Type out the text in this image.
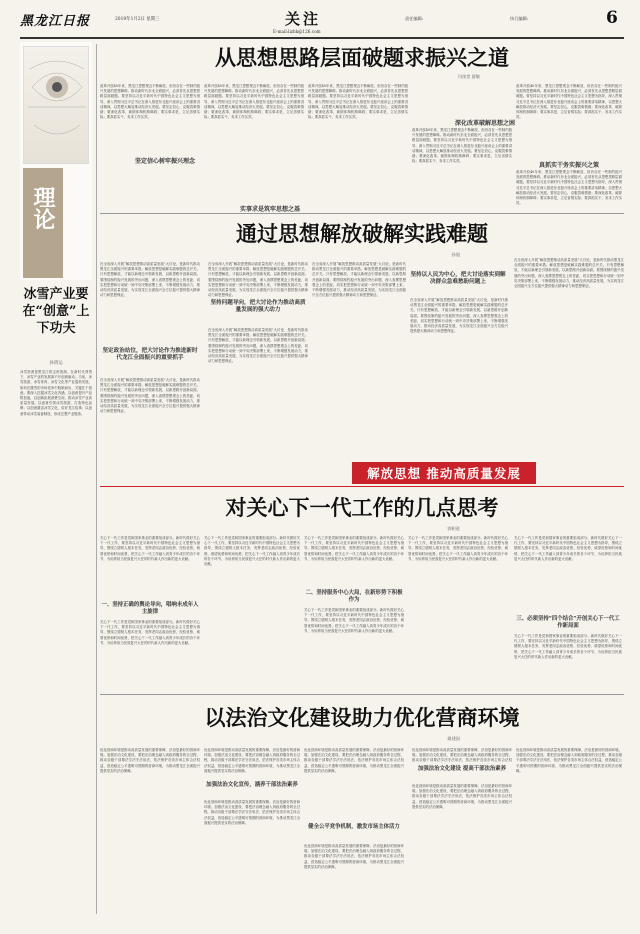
黑龙江日报	2019年1月2日 星期三	关注
E-mail:lizhk@126.com
责任编辑:	执行编辑:	6
理论
冰雪产业要在“创意”上下功夫
孙鸿运
冰雪资源是黑龙江的宝贵资源。在新时代背景下，冰雪产业的发展离不开创意驱动。当前，冰雪旅游、冰雪体育、冰雪文化等产业蓬勃发展，如何在激烈的市场竞争中脱颖而出，关键在于创意。要深入挖掘冰雪文化内涵，以创意提升产品附加值，以创新拓展消费空间，推动冰雪产业高质量发展。以创意引领冰雪旅游，打造特色品牌；以创意激活冰雪文化，讲好龙江故事；以创意带动冰雪装备制造，形成完整产业链条。
从思想思路层面破题求振兴之道
闫茂堂 薛敏
坚定信心树牢振兴理念
深化改革破解思想之困
实事求是筑牢思想之基
真抓实干务实振兴之策
改革开放40年来，黑龙江思想观念不断解放，但仍存在一些制约振兴发展的思想障碍。推动新时代东北全面振兴，必须首先从思想思路层面破题。要坚持以习近平新时代中国特色社会主义思想为指导，深入贯彻习近平总书记在深入推进东北振兴座谈会上的重要讲话精神，以思想大解放推动经济大发展。要坚定信心，克服畏难情绪；要深化改革，破除体制机制障碍；要实事求是，立足省情实际；要真抓实干，务求工作实效。
改革开放40年来，黑龙江思想观念不断解放，但仍存在一些制约振兴发展的思想障碍。推动新时代东北全面振兴，必须首先从思想思路层面破题。要坚持以习近平新时代中国特色社会主义思想为指导，深入贯彻习近平总书记在深入推进东北振兴座谈会上的重要讲话精神，以思想大解放推动经济大发展。要坚定信心，克服畏难情绪；要深化改革，破除体制机制障碍；要实事求是，立足省情实际；要真抓实干，务求工作实效。
改革开放40年来，黑龙江思想观念不断解放，但仍存在一些制约振兴发展的思想障碍。推动新时代东北全面振兴，必须首先从思想思路层面破题。要坚持以习近平新时代中国特色社会主义思想为指导，深入贯彻习近平总书记在深入推进东北振兴座谈会上的重要讲话精神，以思想大解放推动经济大发展。要坚定信心，克服畏难情绪；要深化改革，破除体制机制障碍；要实事求是，立足省情实际；要真抓实干，务求工作实效。
改革开放40年来，黑龙江思想观念不断解放，但仍存在一些制约振兴发展的思想障碍。推动新时代东北全面振兴，必须首先从思想思路层面破题。要坚持以习近平新时代中国特色社会主义思想为指导，深入贯彻习近平总书记在深入推进东北振兴座谈会上的重要讲话精神，以思想大解放推动经济大发展。要坚定信心，克服畏难情绪；要深化改革，破除体制机制障碍；要实事求是，立足省情实际；要真抓实干，务求工作实效。
改革开放40年来，黑龙江思想观念不断解放，但仍存在一些制约振兴发展的思想障碍。推动新时代东北全面振兴，必须首先从思想思路层面破题。要坚持以习近平新时代中国特色社会主义思想为指导，深入贯彻习近平总书记在深入推进东北振兴座谈会上的重要讲话精神，以思想大解放推动经济大发展。要坚定信心，克服畏难情绪；要深化改革，破除体制机制障碍；要实事求是，立足省情实际；要真抓实干，务求工作实效。
改革开放40年来，黑龙江思想观念不断解放，但仍存在一些制约振兴发展的思想障碍。推动新时代东北全面振兴，必须首先从思想思路层面破题。要坚持以习近平新时代中国特色社会主义思想为指导，深入贯彻习近平总书记在深入推进东北振兴座谈会上的重要讲话精神，以思想大解放推动经济大发展。要坚定信心，克服畏难情绪；要深化改革，破除体制机制障碍；要实事求是，立足省情实际；要真抓实干，务求工作实效。
通过思想解放破解实践难题
孙旭
坚定政治站位，把大讨论作为推进新时代龙江全面振兴的重要抓手
坚持问题导向，把大讨论作为推动高质量发展的强大动力
坚持以人民为中心，把大讨论落实到解决群众急难愁盼问题上
在全省深入开展“解放思想推动高质量发展”大讨论，是新时代推动黑龙江全面振兴的重要举措。解放思想是破解实践难题的总开关。只有思想解放，才能以新理念引领新发展、以新思路开创新局面。要围绕制约振兴发展的突出问题，深入查摆思想观念上的差距，切实把思想和行动统一到中央决策部署上来，不断增强发展动力，推动经济高质量发展，为实现龙江全面振兴全方位振兴提供强大精神动力和思想保证。
在全省深入开展“解放思想推动高质量发展”大讨论，是新时代推动黑龙江全面振兴的重要举措。解放思想是破解实践难题的总开关。只有思想解放，才能以新理念引领新发展、以新思路开创新局面。要围绕制约振兴发展的突出问题，深入查摆思想观念上的差距，切实把思想和行动统一到中央决策部署上来，不断增强发展动力，推动经济高质量发展，为实现龙江全面振兴全方位振兴提供强大精神动力和思想保证。
在全省深入开展“解放思想推动高质量发展”大讨论，是新时代推动黑龙江全面振兴的重要举措。解放思想是破解实践难题的总开关。只有思想解放，才能以新理念引领新发展、以新思路开创新局面。要围绕制约振兴发展的突出问题，深入查摆思想观念上的差距，切实把思想和行动统一到中央决策部署上来，不断增强发展动力，推动经济高质量发展，为实现龙江全面振兴全方位振兴提供强大精神动力和思想保证。
在全省深入开展“解放思想推动高质量发展”大讨论，是新时代推动黑龙江全面振兴的重要举措。解放思想是破解实践难题的总开关。只有思想解放，才能以新理念引领新发展、以新思路开创新局面。要围绕制约振兴发展的突出问题，深入查摆思想观念上的差距，切实把思想和行动统一到中央决策部署上来，不断增强发展动力，推动经济高质量发展，为实现龙江全面振兴全方位振兴提供强大精神动力和思想保证。
在全省深入开展“解放思想推动高质量发展”大讨论，是新时代推动黑龙江全面振兴的重要举措。解放思想是破解实践难题的总开关。只有思想解放，才能以新理念引领新发展、以新思路开创新局面。要围绕制约振兴发展的突出问题，深入查摆思想观念上的差距，切实把思想和行动统一到中央决策部署上来，不断增强发展动力，推动经济高质量发展，为实现龙江全面振兴全方位振兴提供强大精神动力和思想保证。
在全省深入开展“解放思想推动高质量发展”大讨论，是新时代推动黑龙江全面振兴的重要举措。解放思想是破解实践难题的总开关。只有思想解放，才能以新理念引领新发展、以新思路开创新局面。要围绕制约振兴发展的突出问题，深入查摆思想观念上的差距，切实把思想和行动统一到中央决策部署上来，不断增强发展动力，推动经济高质量发展，为实现龙江全面振兴全方位振兴提供强大精神动力和思想保证。
在全省深入开展“解放思想推动高质量发展”大讨论，是新时代推动黑龙江全面振兴的重要举措。解放思想是破解实践难题的总开关。只有思想解放，才能以新理念引领新发展、以新思路开创新局面。要围绕制约振兴发展的突出问题，深入查摆思想观念上的差距，切实把思想和行动统一到中央决策部署上来，不断增强发展动力，推动经济高质量发展，为实现龙江全面振兴全方位振兴提供强大精神动力和思想保证。
解放思想 推动高质量发展
对关心下一代工作的几点思考
郭积进
一、坚持正确的舆论导向，唱响未成年人主旋律
二、坚持服务中心大局，在新形势下积极作为
三、必须坚持“四个结合”开创关心下一代工作新局面
关心下一代工作是党和国家事业的重要组成部分。新时代做好关心下一代工作，要坚持以习近平新时代中国特色社会主义思想为指导，围绕立德树人根本任务，发挥老同志政治优势、经验优势、威望优势和时间优势，把关心下一代工作融入到青少年成长的各个环节，为培养担当民族复兴大任的时代新人作出新的更大贡献。
关心下一代工作是党和国家事业的重要组成部分。新时代做好关心下一代工作，要坚持以习近平新时代中国特色社会主义思想为指导，围绕立德树人根本任务，发挥老同志政治优势、经验优势、威望优势和时间优势，把关心下一代工作融入到青少年成长的各个环节，为培养担当民族复兴大任的时代新人作出新的更大贡献。
关心下一代工作是党和国家事业的重要组成部分。新时代做好关心下一代工作，要坚持以习近平新时代中国特色社会主义思想为指导，围绕立德树人根本任务，发挥老同志政治优势、经验优势、威望优势和时间优势，把关心下一代工作融入到青少年成长的各个环节，为培养担当民族复兴大任的时代新人作出新的更大贡献。
关心下一代工作是党和国家事业的重要组成部分。新时代做好关心下一代工作，要坚持以习近平新时代中国特色社会主义思想为指导，围绕立德树人根本任务，发挥老同志政治优势、经验优势、威望优势和时间优势，把关心下一代工作融入到青少年成长的各个环节，为培养担当民族复兴大任的时代新人作出新的更大贡献。
关心下一代工作是党和国家事业的重要组成部分。新时代做好关心下一代工作，要坚持以习近平新时代中国特色社会主义思想为指导，围绕立德树人根本任务，发挥老同志政治优势、经验优势、威望优势和时间优势，把关心下一代工作融入到青少年成长的各个环节，为培养担当民族复兴大任的时代新人作出新的更大贡献。
关心下一代工作是党和国家事业的重要组成部分。新时代做好关心下一代工作，要坚持以习近平新时代中国特色社会主义思想为指导，围绕立德树人根本任务，发挥老同志政治优势、经验优势、威望优势和时间优势，把关心下一代工作融入到青少年成长的各个环节，为培养担当民族复兴大任的时代新人作出新的更大贡献。
关心下一代工作是党和国家事业的重要组成部分。新时代做好关心下一代工作，要坚持以习近平新时代中国特色社会主义思想为指导，围绕立德树人根本任务，发挥老同志政治优势、经验优势、威望优势和时间优势，把关心下一代工作融入到青少年成长的各个环节，为培养担当民族复兴大任的时代新人作出新的更大贡献。
关心下一代工作是党和国家事业的重要组成部分。新时代做好关心下一代工作，要坚持以习近平新时代中国特色社会主义思想为指导，围绕立德树人根本任务，发挥老同志政治优势、经验优势、威望优势和时间优势，把关心下一代工作融入到青少年成长的各个环节，为培养担当民族复兴大任的时代新人作出新的更大贡献。
以法治文化建设助力优化营商环境
姚建国
加强法治文化宣传，涵养干部法治素养
健全公平竞争机制，激发市场主体活力
加强法治文化建设 提高干部法治素养
优化营商环境是推动高质量发展的重要保障，法治是最好的营商环境。加强法治文化建设，要把法治理念融入到政府服务的全过程，推动各级干部尊法学法守法用法，依法保护各类市场主体合法权益，营造稳定公平透明可预期的营商环境，为推动黑龙江全面振兴提供坚实的法治保障。
优化营商环境是推动高质量发展的重要保障，法治是最好的营商环境。加强法治文化建设，要把法治理念融入到政府服务的全过程，推动各级干部尊法学法守法用法，依法保护各类市场主体合法权益，营造稳定公平透明可预期的营商环境，为推动黑龙江全面振兴提供坚实的法治保障。
优化营商环境是推动高质量发展的重要保障，法治是最好的营商环境。加强法治文化建设，要把法治理念融入到政府服务的全过程，推动各级干部尊法学法守法用法，依法保护各类市场主体合法权益，营造稳定公平透明可预期的营商环境，为推动黑龙江全面振兴提供坚实的法治保障。
优化营商环境是推动高质量发展的重要保障，法治是最好的营商环境。加强法治文化建设，要把法治理念融入到政府服务的全过程，推动各级干部尊法学法守法用法，依法保护各类市场主体合法权益，营造稳定公平透明可预期的营商环境，为推动黑龙江全面振兴提供坚实的法治保障。
优化营商环境是推动高质量发展的重要保障，法治是最好的营商环境。加强法治文化建设，要把法治理念融入到政府服务的全过程，推动各级干部尊法学法守法用法，依法保护各类市场主体合法权益，营造稳定公平透明可预期的营商环境，为推动黑龙江全面振兴提供坚实的法治保障。
优化营商环境是推动高质量发展的重要保障，法治是最好的营商环境。加强法治文化建设，要把法治理念融入到政府服务的全过程，推动各级干部尊法学法守法用法，依法保护各类市场主体合法权
优化营商环境是推动高质量发展的重要保障，法治是最好的营商环境。加强法治文化建设，要把法治理念融入到政府服务的全过程，推动各级干部尊法学法守法用法，依法保护各类市场主体合法权益，营造稳定公平透明可预期的营商环境，为推动黑龙江全面振兴提供坚实的法治保障。
优化营商环境是推动高质量发展的重要保障，法治是最好的营商环境。加强法治文化建设，要把法治理念融入到政府服务的全过程，推动各级干部尊法学法守法用法，依法保护各类市场主体合法权益，营造稳定公平透明可预期的营商环境，为推动黑龙江全面振兴提供坚实的法治保障。
